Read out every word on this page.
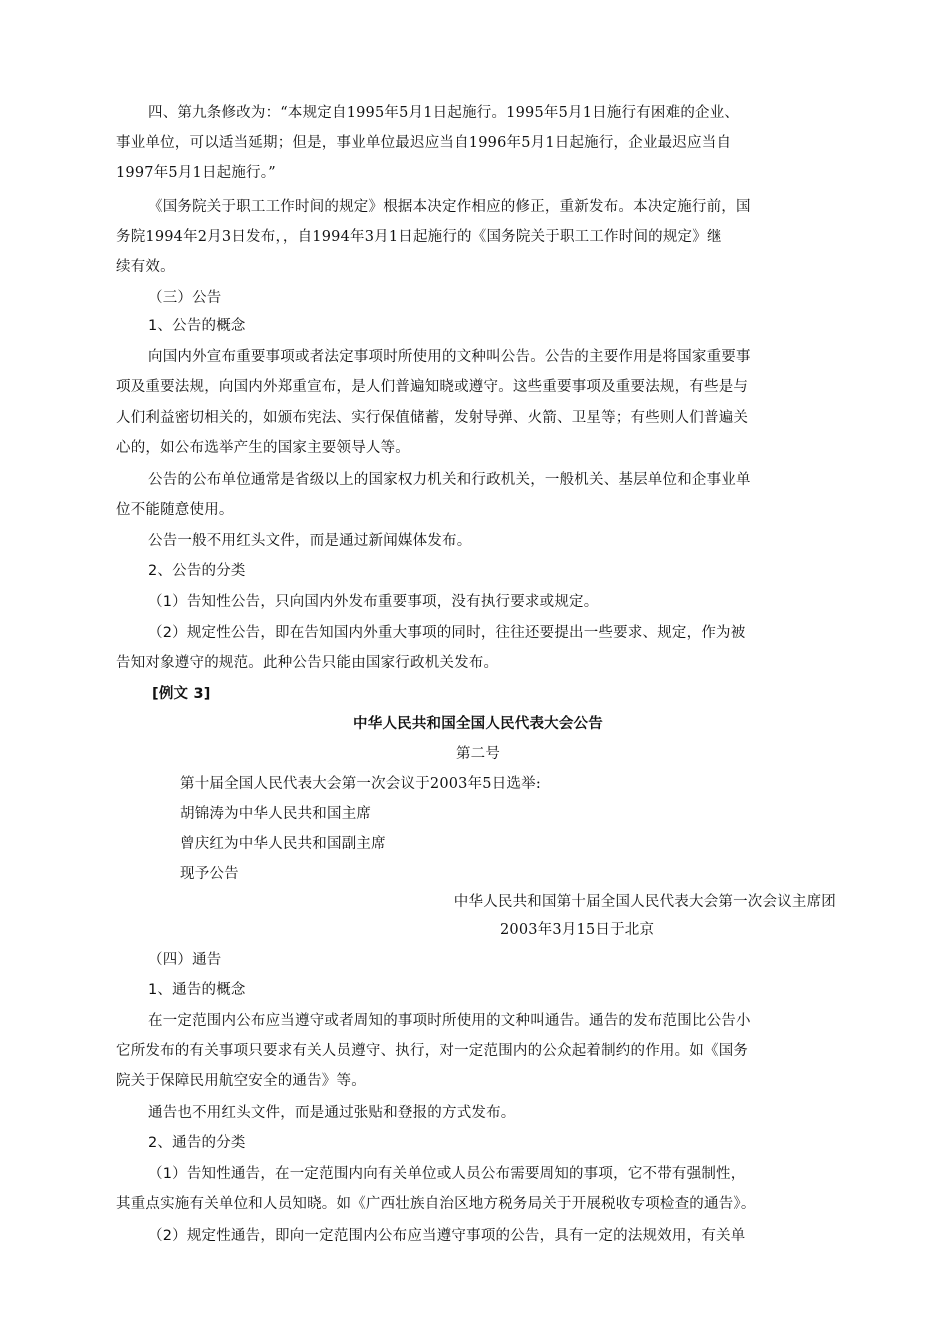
四、第九条修改为：“本规定自1995年5月1日起施行。1995年5月1日施行有困难的企业、
事业单位，可以适当延期；但是，事业单位最迟应当自1996年5月1日起施行，企业最迟应当自
1997年5月1日起施行。”
《国务院关于职工工作时间的规定》根据本决定作相应的修正，重新发布。本决定施行前，国
务院1994年2月3日发布，，自1994年3月1日起施行的《国务院关于职工工作时间的规定》继
续有效。
（三）公告
1、公告的概念
向国内外宣布重要事项或者法定事项时所使用的文种叫公告。公告的主要作用是将国家重要事
项及重要法规，向国内外郑重宣布，是人们普遍知晓或遵守。这些重要事项及重要法规，有些是与
人们利益密切相关的，如颁布宪法、实行保值储蓄，发射导弹、火箭、卫星等；有些则人们普遍关
心的，如公布选举产生的国家主要领导人等。
公告的公布单位通常是省级以上的国家权力机关和行政机关，一般机关、基层单位和企事业单
位不能随意使用。
公告一般不用红头文件，而是通过新闻媒体发布。
2、公告的分类
（1）告知性公告，只向国内外发布重要事项，没有执行要求或规定。
（2）规定性公告，即在告知国内外重大事项的同时，往往还要提出一些要求、规定，作为被
告知对象遵守的规范。此种公告只能由国家行政机关发布。
[例文 3]
中华人民共和国全国人民代表大会公告
第二号
第十届全国人民代表大会第一次会议于2003年5日选举:
胡锦涛为中华人民共和国主席
曾庆红为中华人民共和国副主席
现予公告
中华人民共和国第十届全国人民代表大会第一次会议主席团
2003年3月15日于北京
（四）通告
1、通告的概念
在一定范围内公布应当遵守或者周知的事项时所使用的文种叫通告。通告的发布范围比公告小
它所发布的有关事项只要求有关人员遵守、执行，对一定范围内的公众起着制约的作用。如《国务
院关于保障民用航空安全的通告》等。
通告也不用红头文件，而是通过张贴和登报的方式发布。
2、通告的分类
（1）告知性通告，在一定范围内向有关单位或人员公布需要周知的事项，它不带有强制性，
其重点实施有关单位和人员知晓。如《广西壮族自治区地方税务局关于开展税收专项检查的通告》。
（2）规定性通告，即向一定范围内公布应当遵守事项的公告，具有一定的法规效用，有关单
